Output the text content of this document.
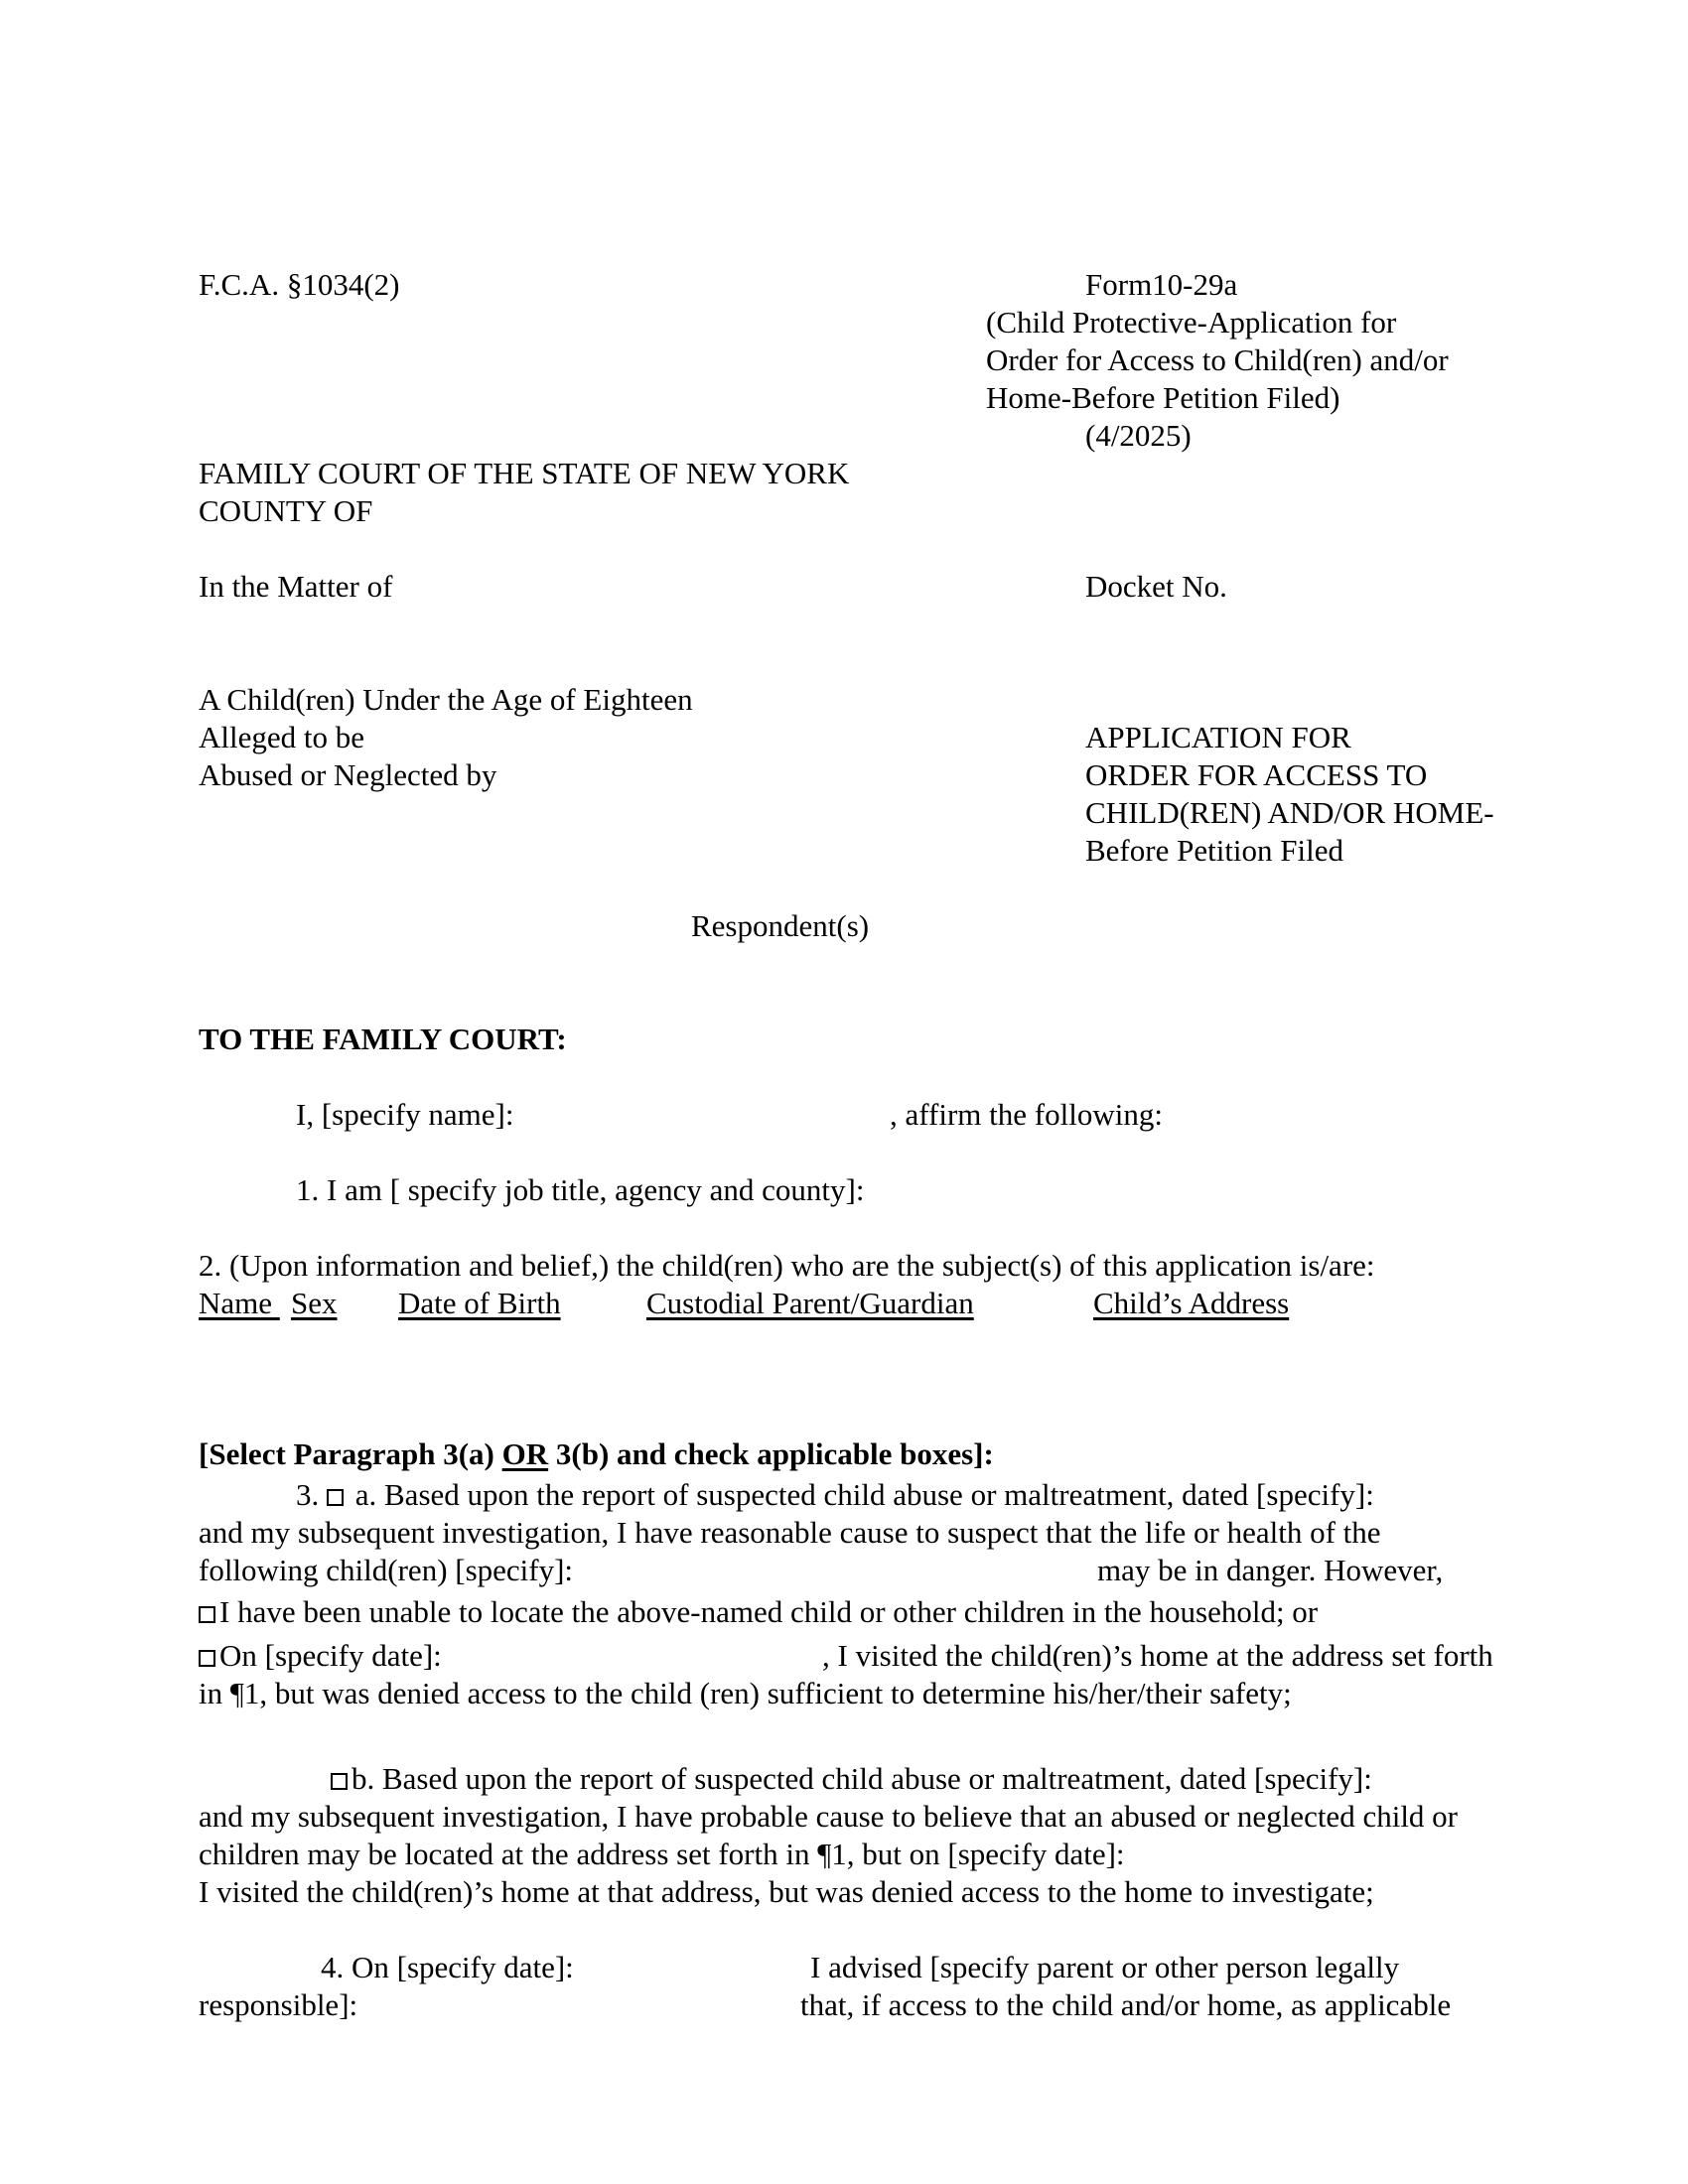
F.C.A. §1034(2)	Form10-29a

(Child Protective-Application for

Order for Access to Child(ren) and/or

Home-Before Petition Filed)

(4/2025)

FAMILY COURT OF THE STATE OF NEW YORK

COUNTY OF

In the Matter of	Docket No.

A Child(ren) Under the Age of Eighteen

Alleged to be

Abused or Neglected by

APPLICATION FOR

ORDER FOR ACCESS TO

CHILD(REN) AND/OR HOME-

Before Petition Filed

Respondent(s)

TO THE FAMILY COURT:

I, [specify name]:	, affirm the following:

1. I am [ specify job title, agency and county]:

2. (Upon information and belief,) the child(ren) who are the subject(s) of this application is/are:

Name Sex Date of Birth	Custodial Parent/Guardian	Child’s Address

[Select Paragraph 3(a) OR 3(b) and check applicable boxes]:

3. a. Based upon the report of suspected child abuse or maltreatment, dated [specify]:

and my subsequent investigation, I have reasonable cause to suspect that the life or health of the

following child(ren) [specify]:	may be in danger. However,

I have been unable to locate the above-named child or other children in the household; or

On [specify date]:	, I visited the child(ren)’s home at the address set forth

in ¶1, but was denied access to the child (ren) sufficient to determine his/her/their safety;

b. Based upon the report of suspected child abuse or maltreatment, dated [specify]:

and my subsequent investigation, I have probable cause to believe that an abused or neglected child or

children may be located at the address set forth in ¶1, but on [specify date]:

I visited the child(ren)’s home at that address, but was denied access to the home to investigate;

4. On [specify date]:	I advised [specify parent or other person legally

responsible]:	that, if access to the child and/or home, as applicable
